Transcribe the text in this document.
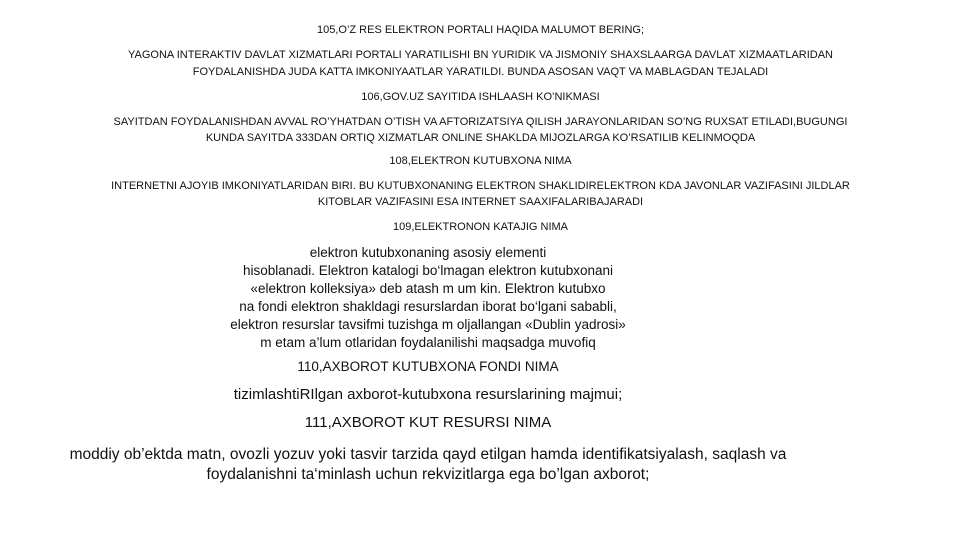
105,O’Z RES ELEKTRON PORTALI HAQIDA MALUMOT BERING;

YAGONA INTERAKTIV DAVLAT XIZMATLARI PORTALI YARATILISHI BN YURIDIK VA JISMONIY SHAXSLAARGA DAVLAT XIZMAATLARIDAN

FOYDALANISHDA JUDA KATTA IMKONIYAATLAR YARATILDI. BUNDA ASOSAN VAQT VA MABLAGDAN TEJALADI

106,GOV.UZ SAYITIDA ISHLAASH KO’NIKMASI

SAYITDAN FOYDALANISHDAN AVVAL RO’YHATDAN O’TISH VA AFTORIZATSIYA QILISH JARAYONLARIDAN SO’NG RUXSAT ETILADI,BUGUNGI

KUNDA SAYITDA 333DAN ORTIQ XIZMATLAR ONLINE SHAKLDA MIJOZLARGA KO’RSATILIB KELINMOQDA

108,ELEKTRON KUTUBXONA NIMA

INTERNETNI AJOYIB IMKONIYATLARIDAN BIRI. BU KUTUBXONANING ELEKTRON SHAKLIDIRELEKTRON KDA JAVONLAR VAZIFASINI JILDLAR

KITOBLAR VAZIFASINI ESA INTERNET SAAXIFALARIBAJARADI

109,ELEKTRONON KATAJIG NIMA

elektron kutubxonaning asosiy elementi

hisoblanadi. Elektron katalogi bo‘lmagan elektron kutubxonani

«elektron kolleksiya» deb atash m um kin. Elektron kutubxo

na fondi elektron shakldagi resurslardan iborat bo‘lgani sababli,

elektron resurslar tavsifmi tuzishga m oljallangan «Dublin yadrosi»

m etam a’lum otlaridan foydalanilishi maqsadga muvofiq

110,AXBOROT KUTUBXONA FONDI NIMA

tizimlashtiRIlgan axborot-kutubxona resurslarining majmui;

111,AXBOROT KUT RESURSI NIMA

moddiy ob’ektda matn, ovozli yozuv yoki tasvir tarzida qayd etilgan hamda identifikatsiyalash, saqlash va

foydalanishni ta‘minlash uchun rekvizitlarga ega bo’lgan axborot;
